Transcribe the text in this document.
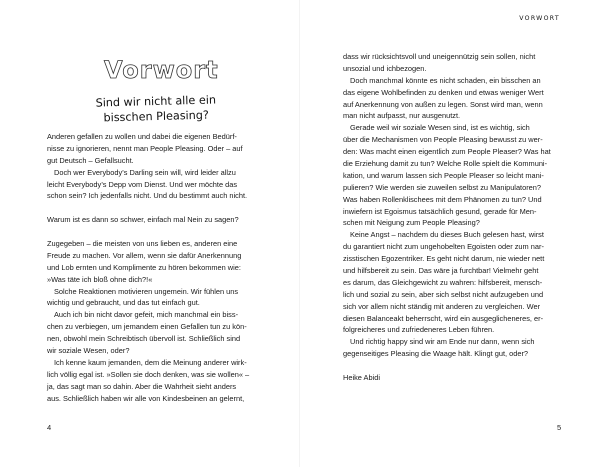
Vorwort
Sind wir nicht alle ein
bisschen Pleasing?
Anderen gefallen zu wollen und dabei die eigenen Bedürf-
nisse zu ignorieren, nennt man People Pleasing. Oder – auf
gut Deutsch – Gefallsucht.
Doch wer Everybody’s Darling sein will, wird leider allzu
leicht Everybody’s Depp vom Dienst. Und wer möchte das
schon sein? Ich jedenfalls nicht. Und du bestimmt auch nicht.
Warum ist es dann so schwer, einfach mal Nein zu sagen?
Zugegeben – die meisten von uns lieben es, anderen eine
Freude zu machen. Vor allem, wenn sie dafür Anerkennung
und Lob ernten und Komplimente zu hören bekommen wie:
»Was täte ich bloß ohne dich?!«
Solche Reaktionen motivieren ungemein. Wir fühlen uns
wichtig und gebraucht, und das tut einfach gut.
Auch ich bin nicht davor gefeit, mich manchmal ein biss-
chen zu verbiegen, um jemandem einen Gefallen tun zu kön-
nen, obwohl mein Schreibtisch übervoll ist. Schließlich sind
wir soziale Wesen, oder?
Ich kenne kaum jemanden, dem die Meinung anderer wirk-
lich völlig egal ist. »Sollen sie doch denken, was sie wollen« –
ja, das sagt man so dahin. Aber die Wahrheit sieht anders
aus. Schließlich haben wir alle von Kindesbeinen an gelernt,
4
VORWORT
dass wir rücksichtsvoll und uneigennützig sein sollen, nicht
unsozial und ichbezogen.
Doch manchmal könnte es nicht schaden, ein bisschen an
das eigene Wohlbefinden zu denken und etwas weniger Wert
auf Anerkennung von außen zu legen. Sonst wird man, wenn
man nicht aufpasst, nur ausgenutzt.
Gerade weil wir soziale Wesen sind, ist es wichtig, sich
über die Mechanismen von People Pleasing bewusst zu wer-
den: Was macht einen eigentlich zum People Pleaser? Was hat
die Erziehung damit zu tun? Welche Rolle spielt die Kommuni-
kation, und warum lassen sich People Pleaser so leicht mani-
pulieren? Wie werden sie zuweilen selbst zu Manipulatoren?
Was haben Rollenklischees mit dem Phänomen zu tun? Und
inwiefern ist Egoismus tatsächlich gesund, gerade für Men-
schen mit Neigung zum People Pleasing?
Keine Angst – nachdem du dieses Buch gelesen hast, wirst
du garantiert nicht zum ungehobelten Egoisten oder zum nar-
zisstischen Egozentriker. Es geht nicht darum, nie wieder nett
und hilfsbereit zu sein. Das wäre ja furchtbar! Vielmehr geht
es darum, das Gleichgewicht zu wahren: hilfsbereit, mensch-
lich und sozial zu sein, aber sich selbst nicht aufzugeben und
sich vor allem nicht ständig mit anderen zu vergleichen. Wer
diesen Balanceakt beherrscht, wird ein ausgeglicheneres, er-
folgreicheres und zufriedeneres Leben führen.
Und richtig happy sind wir am Ende nur dann, wenn sich
gegenseitiges Pleasing die Waage hält. Klingt gut, oder?
Heike Abidi
5
